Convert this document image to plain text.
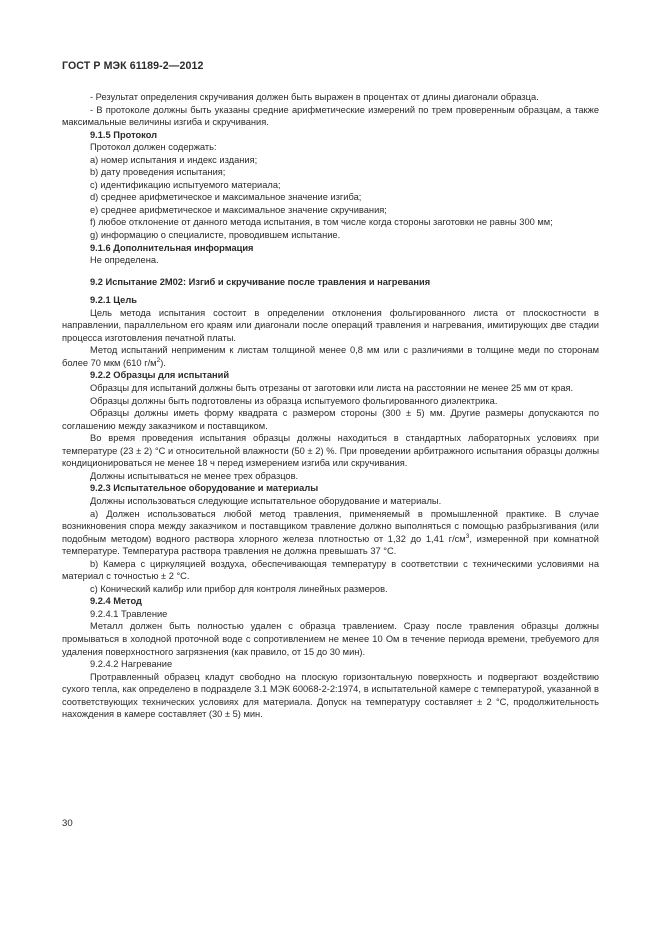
ГОСТ Р МЭК 61189-2—2012

- Результат определения скручивания должен быть выражен в процентах от длины диагонали образца.

- В протоколе должны быть указаны средние арифметические измерений по трем проверенным образцам, а также максимальные величины изгиба и скручивания.

9.1.5 Протокол

Протокол должен содержать:

a) номер испытания и индекс издания;

b) дату проведения испытания;

c) идентификацию испытуемого материала;

d) среднее арифметическое и максимальное значение изгиба;

e) среднее арифметическое и максимальное значение скручивания;

f) любое отклонение от данного метода испытания, в том числе когда стороны заготовки не равны 300 мм;

g) информацию о специалисте, проводившем испытание.

9.1.6 Дополнительная информация

Не определена.

9.2 Испытание 2M02: Изгиб и скручивание после травления и нагревания

9.2.1 Цель

Цель метода испытания состоит в определении отклонения фольгированного листа от плоскостности в направлении, параллельном его краям или диагонали после операций травления и нагревания, имитирующих две стадии процесса изготовления печатной платы.

Метод испытаний неприменим к листам толщиной менее 0,8 мм или с различиями в толщине меди по сторонам более 70 мкм (610 $г/м^2$).

9.2.2 Образцы для испытаний

Образцы для испытаний должны быть отрезаны от заготовки или листа на расстоянии не менее 25 мм от края.

Образцы должны быть подготовлены из образца испытуемого фольгированного диэлектрика.

Образцы должны иметь форму квадрата с размером стороны (300 ± 5) мм. Другие размеры допускаются по соглашению между заказчиком и поставщиком.

Во время проведения испытания образцы должны находиться в стандартных лабораторных условиях при температуре (23 ± 2) °C и относительной влажности (50 ± 2) %. При проведении арбитражного испытания образцы должны кондиционироваться не менее 18 ч перед измерением изгиба или скручивания.

Должны испытываться не менее трех образцов.

9.2.3 Испытательное оборудование и материалы

Должны использоваться следующие испытательное оборудование и материалы.

a) Должен использоваться любой метод травления, применяемый в промышленной практике. В случае возникновения спора между заказчиком и поставщиком травление должно выполняться с помощью разбрызгивания (или подобным методом) водного раствора хлорного железа плотностью от 1,32 до 1,41 $г/см^3$, измеренной при комнатной температуре. Температура раствора травления не должна превышать 37 °C.

b) Камера с циркуляцией воздуха, обеспечивающая температуру в соответствии с техническими условиями на материал с точностью ± 2 °C.

c) Конический калибр или прибор для контроля линейных размеров.

9.2.4 Метод

9.2.4.1 Травление

Металл должен быть полностью удален с образца травлением. Сразу после травления образцы должны промываться в холодной проточной воде с сопротивлением не менее 10 Ом в течение периода времени, требуемого для удаления поверхностного загрязнения (как правило, от 15 до 30 мин).

9.2.4.2 Нагревание

Протравленный образец кладут свободно на плоскую горизонтальную поверхность и подвергают воздействию сухого тепла, как определено в подразделе 3.1 МЭК 60068-2-2:1974, в испытательной камере с температурой, указанной в соответствующих технических условиях для материала. Допуск на температуру составляет ± 2 °C, продолжительность нахождения в камере составляет (30 ± 5) мин.

30
